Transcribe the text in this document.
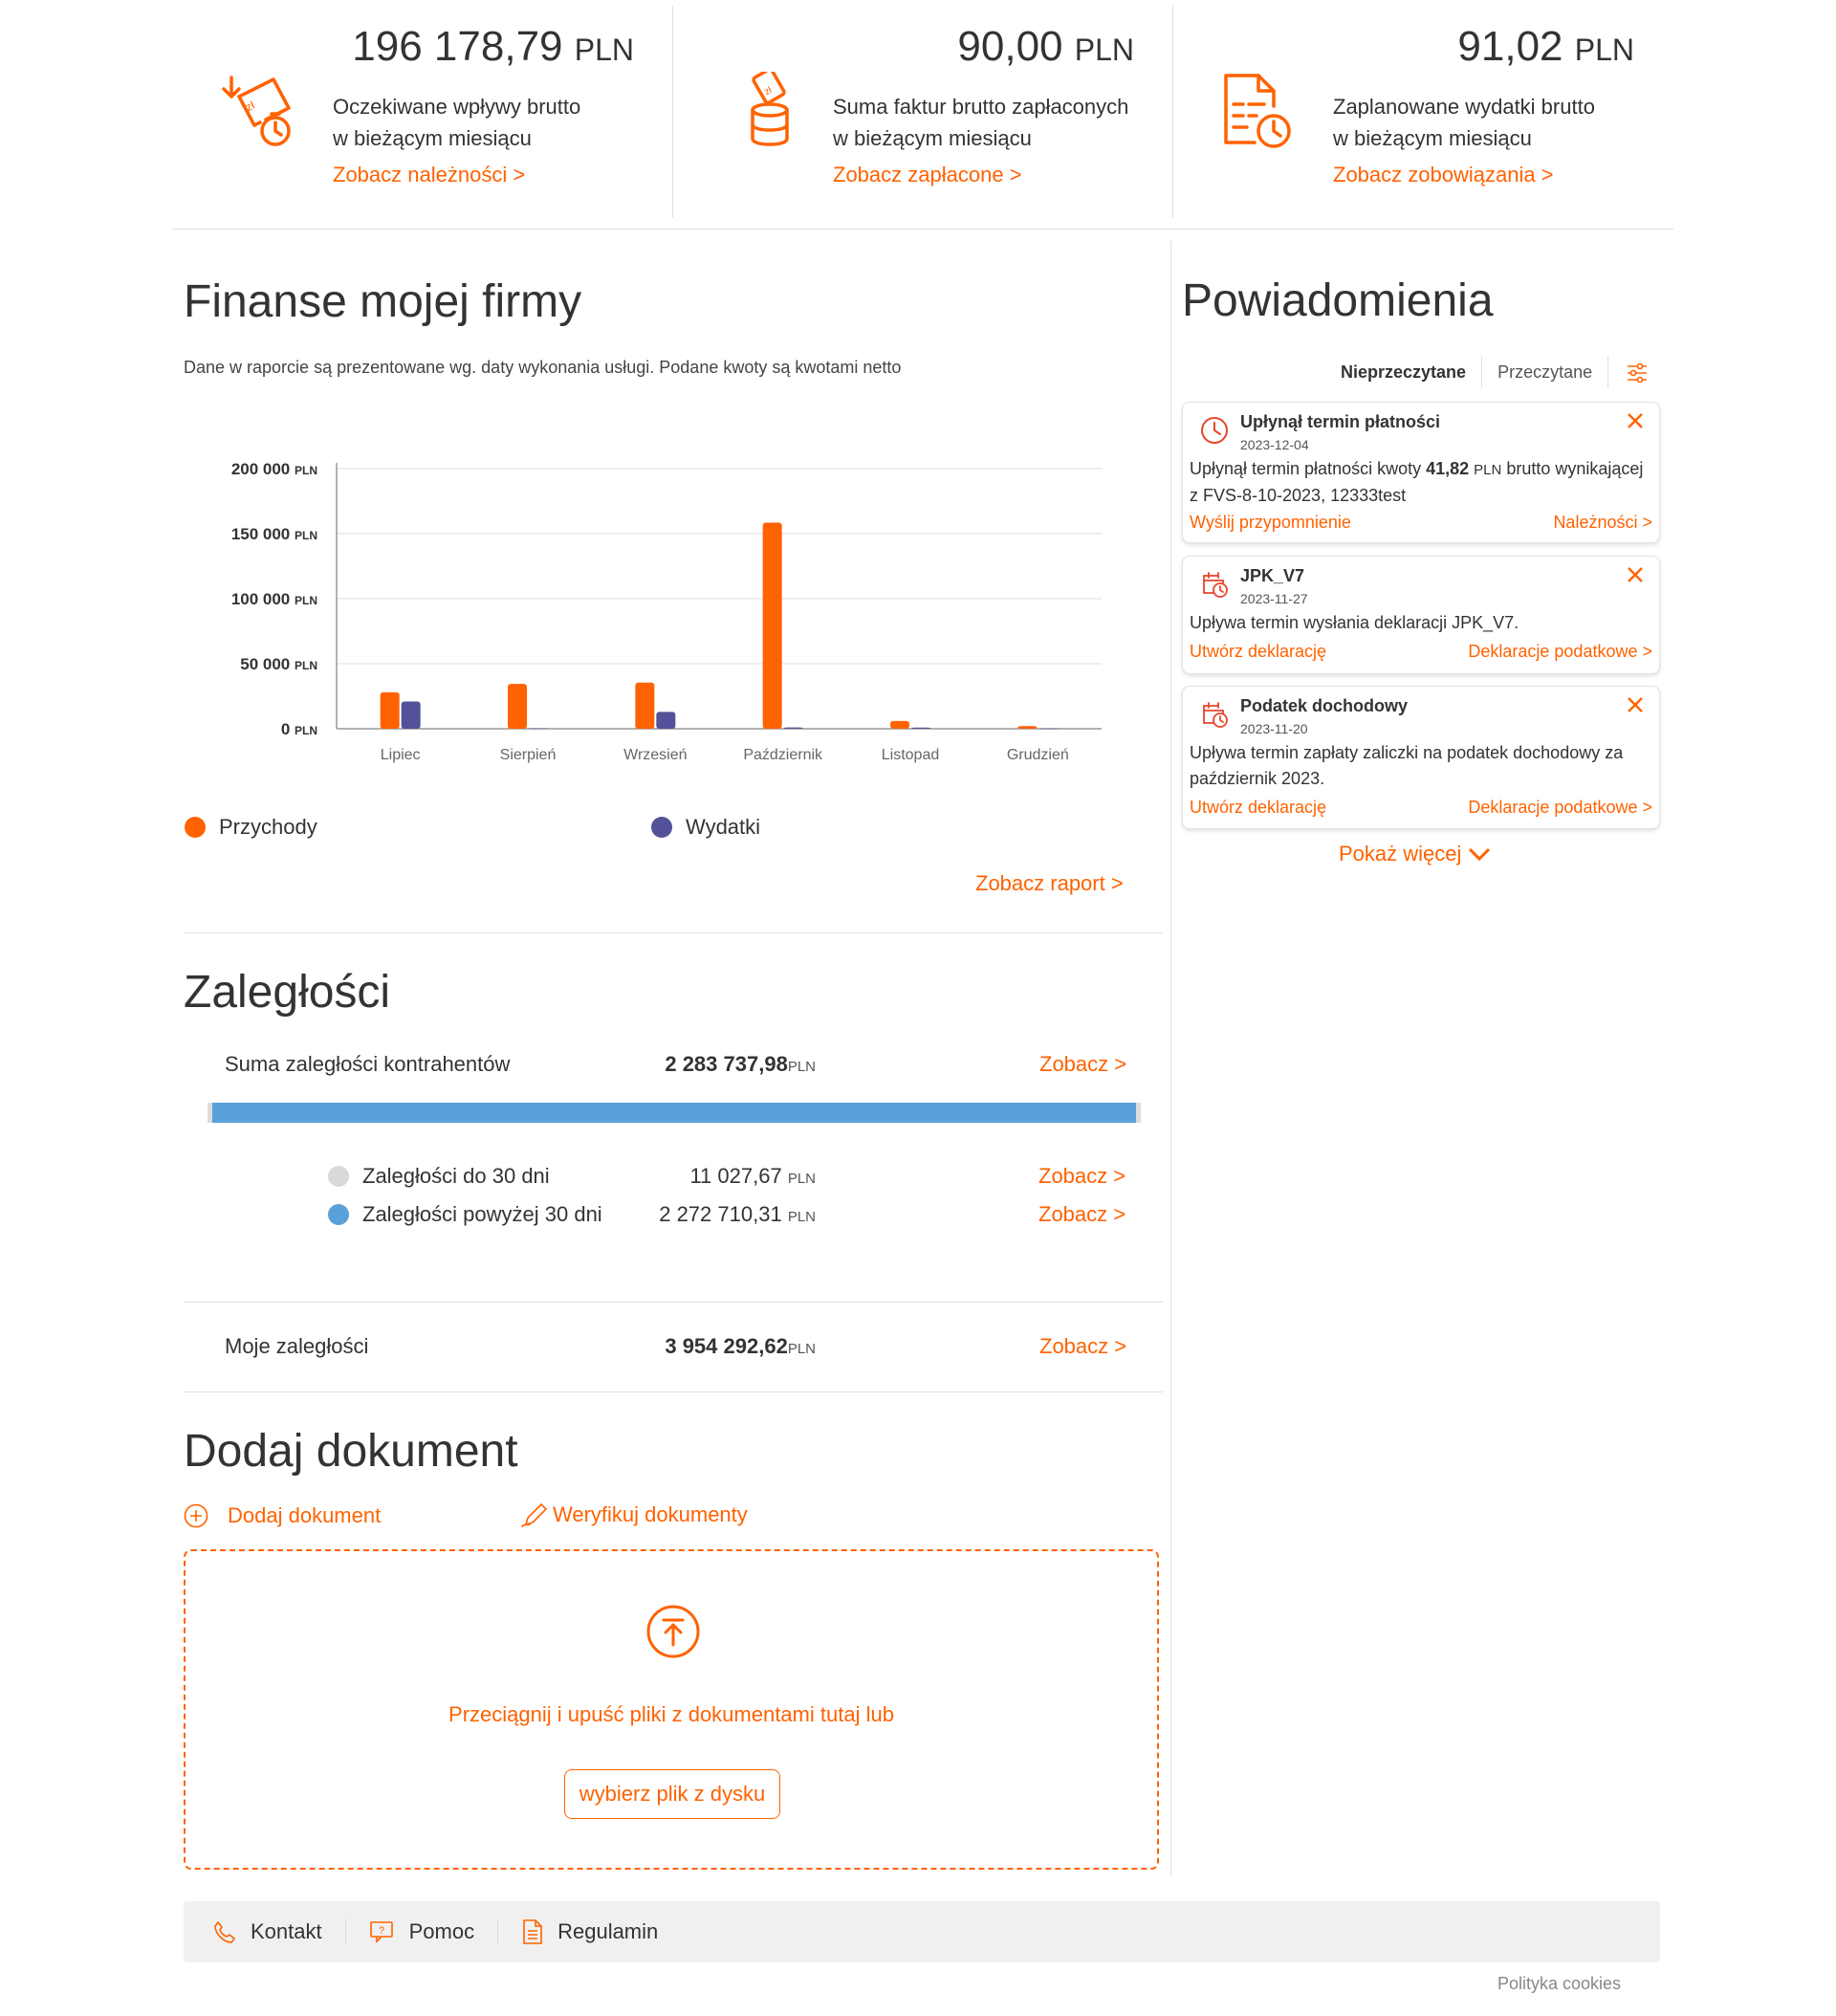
196 178,79 PLN
zł	Oczekiwane wpływy brutto
w bieżącym miesiącu
Zobacz należności >
90,00 PLN
zł
Suma faktur brutto zapłaconych
w bieżącym miesiącu
Zobacz zapłacone >
91,02 PLN
Zaplanowane wydatki brutto
w bieżącym miesiącu
Zobacz zobowiązania >
Finanse mojej firmy
Dane w raporcie są prezentowane wg. daty wykonania usługi. Podane kwoty są kwotami netto
0 PLN
50 000 PLN
100 000 PLN
150 000 PLN
200 000 PLN
Lipiec	Sierpień	Wrzesień	Październik	Listopad	Grudzień
Przychody	Wydatki
Zobacz raport >
Zaległości
Suma zaległości kontrahentów	2 283 737,98PLN	Zobacz >
Zaległości do 30 dni	11 027,67 PLN	Zobacz >
Zaległości powyżej 30 dni	2 272 710,31 PLN	Zobacz >
Moje zaległości	3 954 292,62PLN	Zobacz >
Dodaj dokument
Dodaj dokument	Weryfikuj dokumenty
Przeciągnij i upuść pliki z dokumentami tutaj lub
wybierz plik z dysku
Powiadomienia
Nieprzeczytane	Przeczytane
Upłynął termin płatności
2023-12-04
Upłynął termin płatności kwoty 41,82 PLN brutto wynikającej z FVS-8-10-2023, 12333test
Wyślij przypomnienie	Należności >
JPK_V7
2023-11-27
Upływa termin wysłania deklaracji JPK_V7.
Utwórz deklarację	Deklaracje podatkowe >
Podatek dochodowy
2023-11-20
Upływa termin zapłaty zaliczki na podatek dochodowy za październik 2023.
Utwórz deklarację	Deklaracje podatkowe >
Pokaż więcej
Kontakt	? Pomoc	Regulamin
Polityka cookies
